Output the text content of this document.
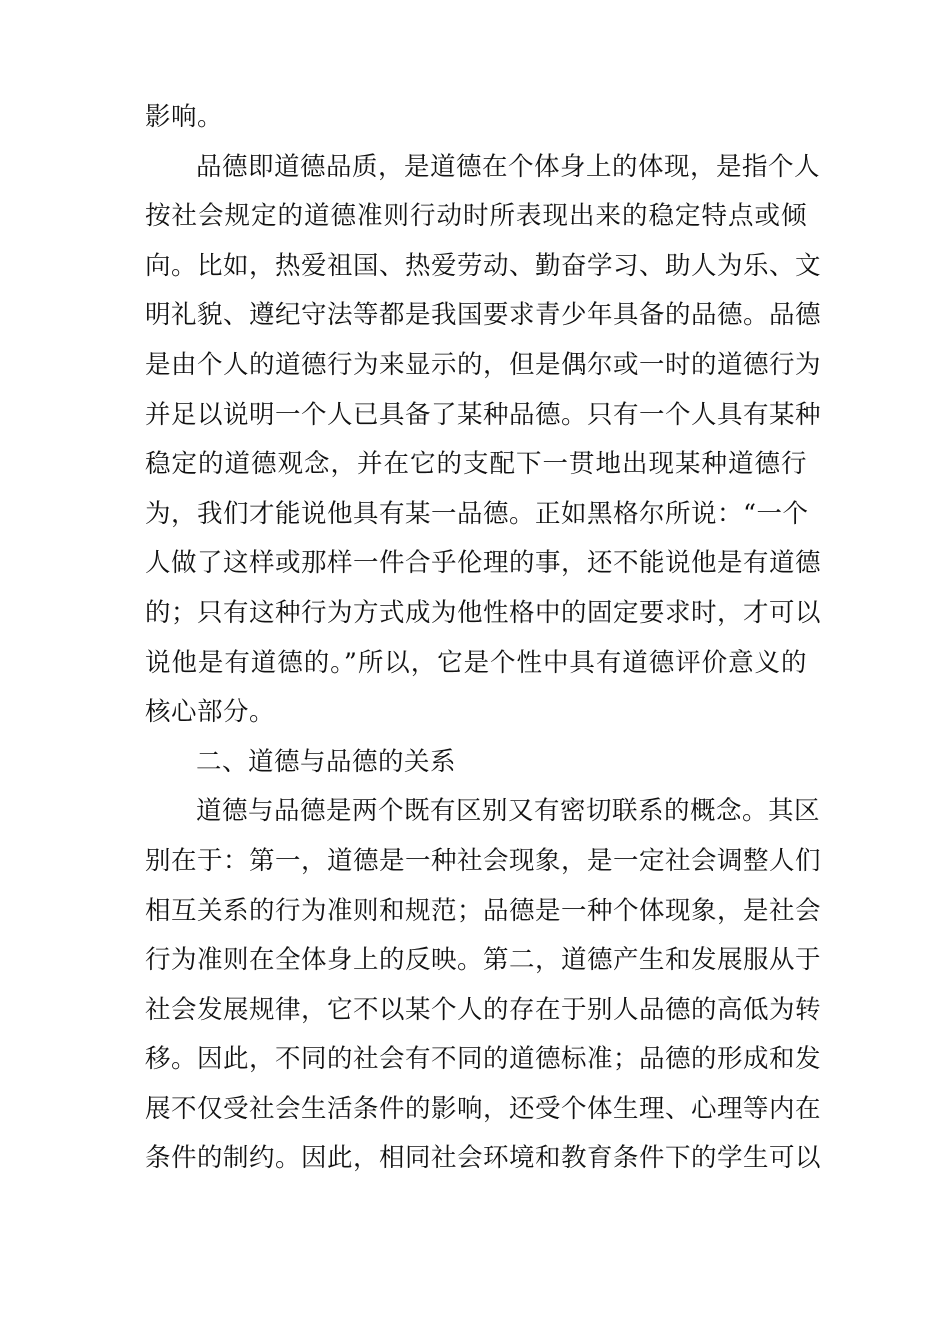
影响。
品德即道德品质，是道德在个体身上的体现，是指个人
按社会规定的道德准则行动时所表现出来的稳定特点或倾
向。比如，热爱祖国、热爱劳动、勤奋学习、助人为乐、文
明礼貌、遵纪守法等都是我国要求青少年具备的品德。品德
是由个人的道德行为来显示的，但是偶尔或一时的道德行为
并足以说明一个人已具备了某种品德。只有一个人具有某种
稳定的道德观念，并在它的支配下一贯地出现某种道德行
为，我们才能说他具有某一品德。正如黑格尔所说：“一个
人做了这样或那样一件合乎伦理的事，还不能说他是有道德
的；只有这种行为方式成为他性格中的固定要求时，才可以
说他是有道德的。”所以，它是个性中具有道德评价意义的
核心部分。
二、道德与品德的关系
道德与品德是两个既有区别又有密切联系的概念。其区
别在于：第一，道德是一种社会现象，是一定社会调整人们
相互关系的行为准则和规范；品德是一种个体现象，是社会
行为准则在全体身上的反映。第二，道德产生和发展服从于
社会发展规律，它不以某个人的存在于别人品德的高低为转
移。因此，不同的社会有不同的道德标准；品德的形成和发
展不仅受社会生活条件的影响，还受个体生理、心理等内在
条件的制约。因此，相同社会环境和教育条件下的学生可以
